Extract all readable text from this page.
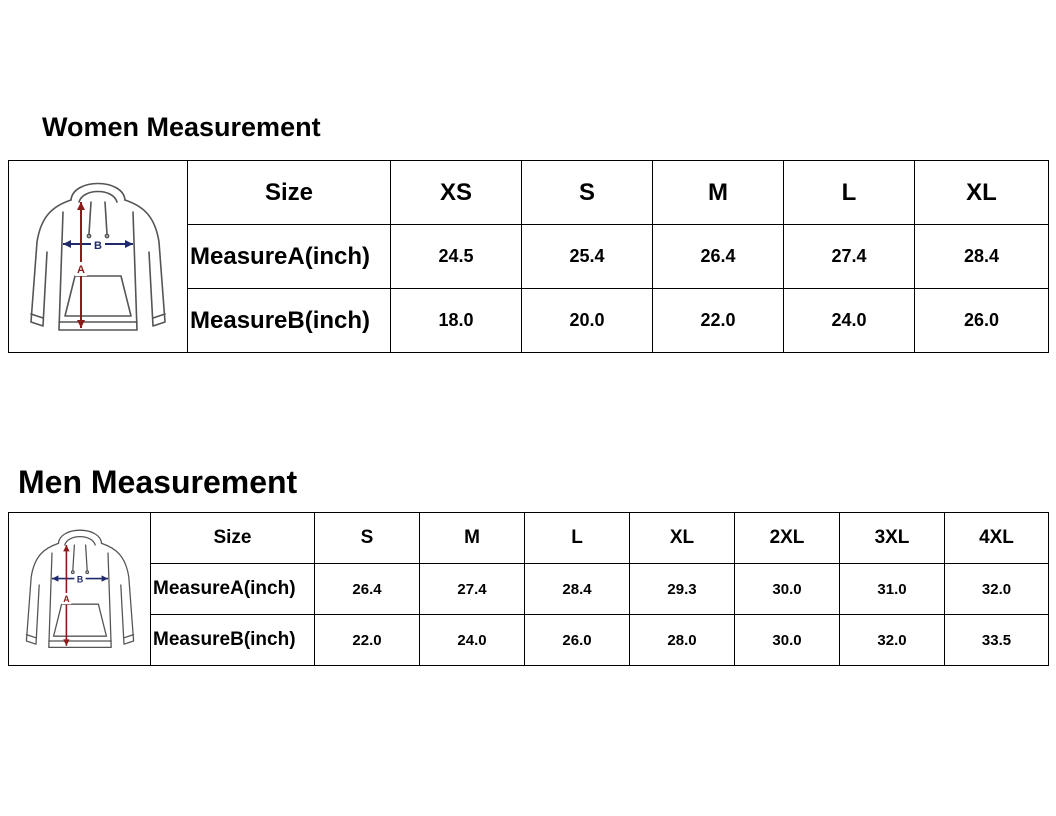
Women Measurement
B
A	Size	XS	S	M	L	XL
	MeasureA(inch)	24.5	25.4	26.4	27.4	28.4
	MeasureB(inch)	18.0	20.0	22.0	24.0	26.0
Men Measurement
B
A	Size	S	M	L	XL	2XL	3XL	4XL
	MeasureA(inch)	26.4	27.4	28.4	29.3	30.0	31.0	32.0
	MeasureB(inch)	22.0	24.0	26.0	28.0	30.0	32.0	33.5
